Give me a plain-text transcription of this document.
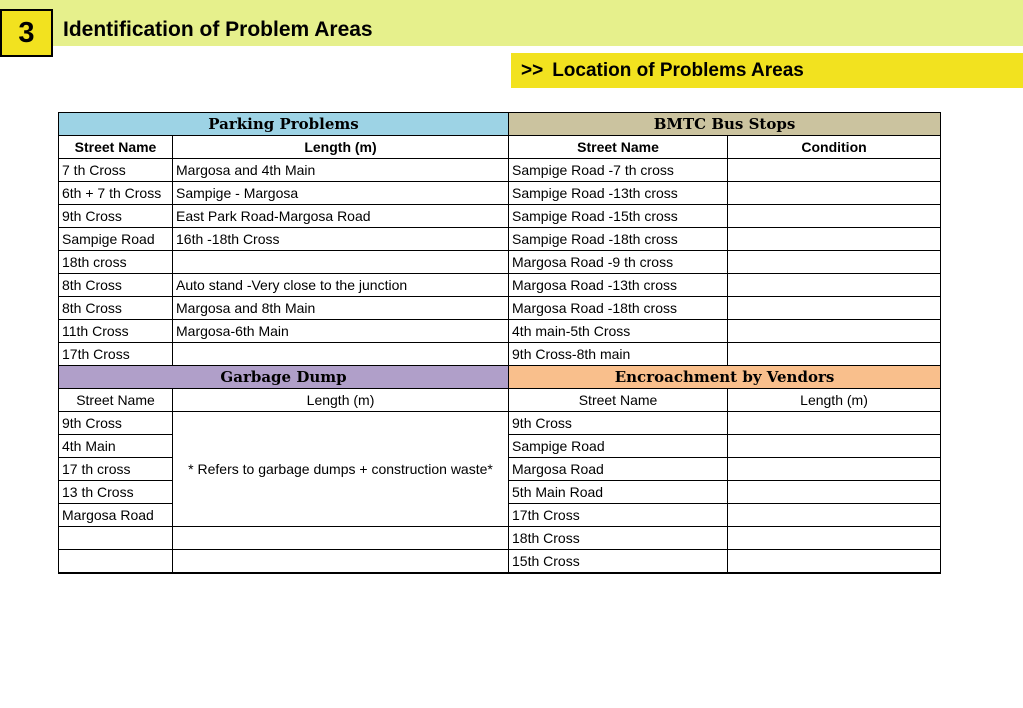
3	Identification of Problem Areas
>> Location of Problems Areas
Parking Problems		BMTC Bus Stops	
Street Name	Length (m)	Street Name	Condition
7 th Cross	Margosa and 4th Main	Sampige Road -7 th cross	
6th + 7 th Cross	Sampige - Margosa	Sampige Road -13th cross	
9th Cross	East Park Road-Margosa Road	Sampige Road -15th cross	
Sampige Road	16th -18th Cross	Sampige Road -18th cross	
18th cross		Margosa Road -9 th cross	
8th Cross	Auto stand -Very close to the junction	Margosa Road -13th cross	
8th Cross	Margosa and 8th Main	Margosa Road -18th cross	
11th Cross	Margosa-6th Main	4th main-5th Cross	
17th Cross		9th Cross-8th main	
Garbage Dump		Encroachment by Vendors	
Street Name	Length (m)	Street Name	Length (m)
9th Cross	* Refers to garbage dumps + construction waste*	9th Cross	
4th Main		Sampige Road	
17 th cross		Margosa Road	
13 th Cross		5th Main Road	
Margosa Road		17th Cross	
		18th Cross	
		15th Cross	
